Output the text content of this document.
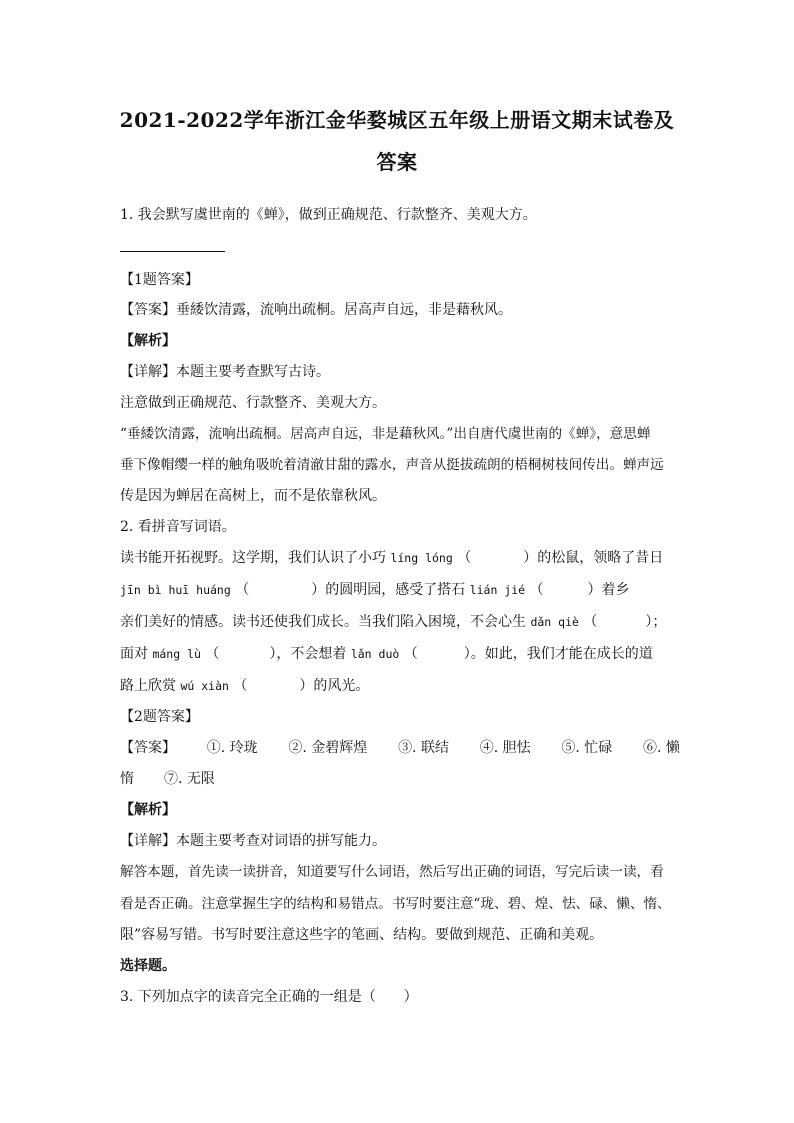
2021-2022学年浙江金华婺城区五年级上册语文期末试卷及
答案
1. 我会默写虞世南的《蝉》，做到正确规范、行款整齐、美观大方。
【1题答案】
【答案】垂緌饮清露，流响出疏桐。居高声自远，非是藉秋风。
【解析】
【详解】本题主要考查默写古诗。
注意做到正确规范、行款整齐、美观大方。
“垂緌饮清露，流响出疏桐。居高声自远，非是藉秋风。”出自唐代虞世南的《蝉》，意思蝉
垂下像帽缨一样的触角吸吮着清澈甘甜的露水，声音从挺拔疏朗的梧桐树枝间传出。蝉声远
传是因为蝉居在高树上，而不是依靠秋风。
2. 看拼音写词语。
读书能开拓视野。这学期，我们认识了小巧 líng lóng （	）的松鼠，领略了昔日
jīn bì huī huáng （	）的圆明园，感受了搭石 lián jié （	）着乡
亲们美好的情感。读书还使我们成长。当我们陷入困境，不会心生 dǎn qiè （	）；
面对 máng lù （	），不会想着 lǎn duò （	）。如此，我们才能在成长的道
路上欣赏 wú xiàn （	）的风光。
【2题答案】
【答案】 ①. 玲珑 ②. 金碧辉煌 ③. 联结 ④. 胆怯 ⑤. 忙碌 ⑥. 懒
惰 ⑦. 无限
【解析】
【详解】本题主要考查对词语的拼写能力。
解答本题，首先读一读拼音，知道要写什么词语，然后写出正确的词语，写完后读一读，看
看是否正确。注意掌握生字的结构和易错点。书写时要注意“珑、碧、煌、怯、碌、懒、惰、
限”容易写错。书写时要注意这些字的笔画、结构。要做到规范、正确和美观。
选择题。
3. 下列加点字的读音完全正确的一组是（　　）
